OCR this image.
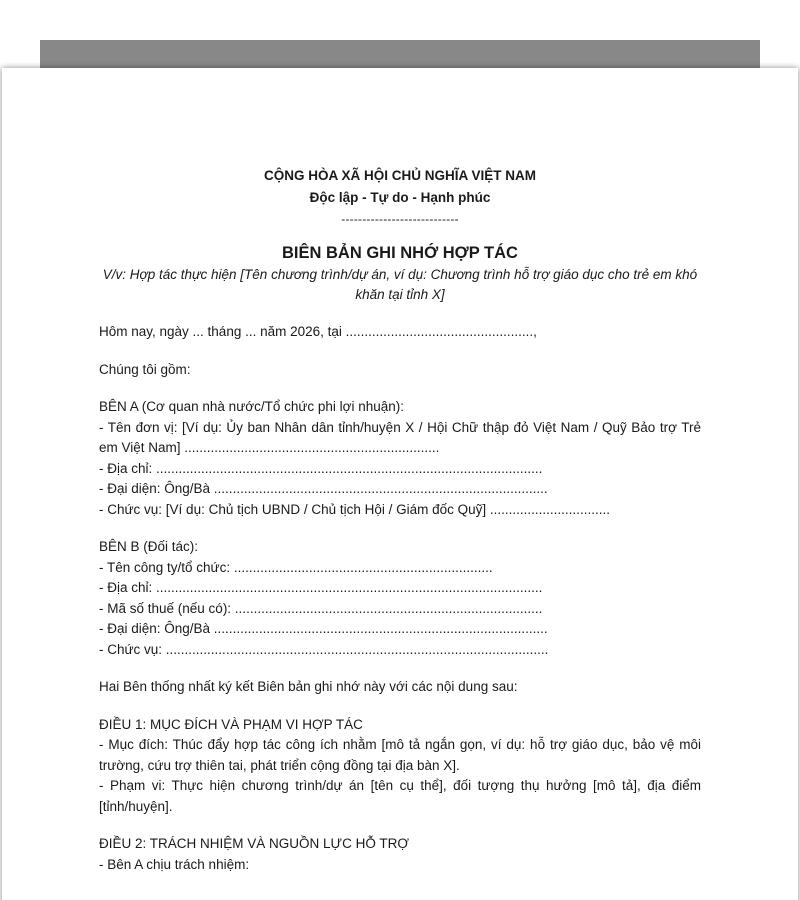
CỘNG HÒA XÃ HỘI CHỦ NGHĨA VIỆT NAM
Độc lập - Tự do - Hạnh phúc
----------------------------
BIÊN BẢN GHI NHỚ HỢP TÁC
V/v: Hợp tác thực hiện [Tên chương trình/dự án, ví dụ: Chương trình hỗ trợ giáo dục cho trẻ em khó khăn tại tỉnh X]
Hôm nay, ngày ... tháng ... năm 2026, tại ..................................................,
Chúng tôi gồm:
BÊN A (Cơ quan nhà nước/Tổ chức phi lợi nhuận):
- Tên đơn vị: [Ví dụ: Ủy ban Nhân dân tỉnh/huyện X / Hội Chữ thập đỏ Việt Nam / Quỹ Bảo trợ Trẻ em Việt Nam] ....................................................................
- Địa chỉ: .......................................................................................................
- Đại diện: Ông/Bà .........................................................................................
- Chức vụ: [Ví dụ: Chủ tịch UBND / Chủ tịch Hội / Giám đốc Quỹ] ................................
BÊN B (Đối tác):
- Tên công ty/tổ chức: .....................................................................
- Địa chỉ: .......................................................................................................
- Mã số thuế (nếu có): ..................................................................................
- Đại diện: Ông/Bà .........................................................................................
- Chức vụ: ......................................................................................................
Hai Bên thống nhất ký kết Biên bản ghi nhớ này với các nội dung sau:
ĐIỀU 1: MỤC ĐÍCH VÀ PHẠM VI HỢP TÁC
- Mục đích: Thúc đẩy hợp tác công ích nhằm [mô tả ngắn gọn, ví dụ: hỗ trợ giáo dục, bảo vệ môi trường, cứu trợ thiên tai, phát triển cộng đồng tại địa bàn X].
- Phạm vi: Thực hiện chương trình/dự án [tên cụ thể], đối tượng thụ hưởng [mô tả], địa điểm [tỉnh/huyện].
ĐIỀU 2: TRÁCH NHIỆM VÀ NGUỒN LỰC HỖ TRỢ
- Bên A chịu trách nhiệm:
